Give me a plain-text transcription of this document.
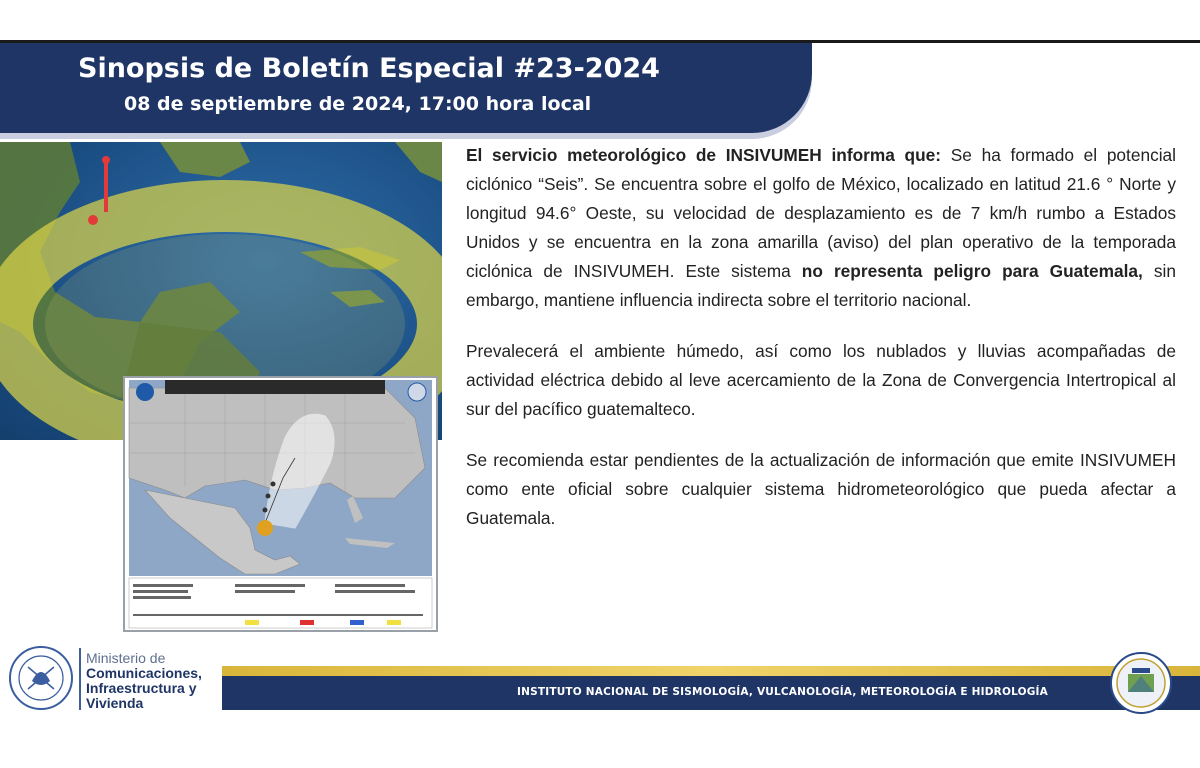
Sinopsis de Boletín Especial #23-2024
08 de septiembre de 2024, 17:00 hora local

El servicio meteorológico de INSIVUMEH informa que: Se ha formado el potencial ciclónico “Seis”. Se encuentra sobre el golfo de México, localizado en latitud 21.6 ° Norte y longitud 94.6° Oeste, su velocidad de desplazamiento es de 7 km/h rumbo a Estados Unidos y se encuentra en la zona amarilla (aviso) del plan operativo de la temporada ciclónica de INSIVUMEH. Este sistema no representa peligro para Guatemala, sin embargo, mantiene influencia indirecta sobre el territorio nacional.

Prevalecerá el ambiente húmedo, así como los nublados y lluvias acompañadas de actividad eléctrica debido al leve acercamiento de la Zona de Convergencia Intertropical al sur del pacífico guatemalteco.

Se recomienda estar pendientes de la actualización de información que emite INSIVUMEH como ente oficial sobre cualquier sistema hidrometeorológico que pueda afectar a Guatemala.

Ministerio de
Comunicaciones,
Infraestructura y
Vivienda
INSTITUTO NACIONAL DE SISMOLOGÍA, VULCANOLOGÍA, METEOROLOGÍA E HIDROLOGÍA
